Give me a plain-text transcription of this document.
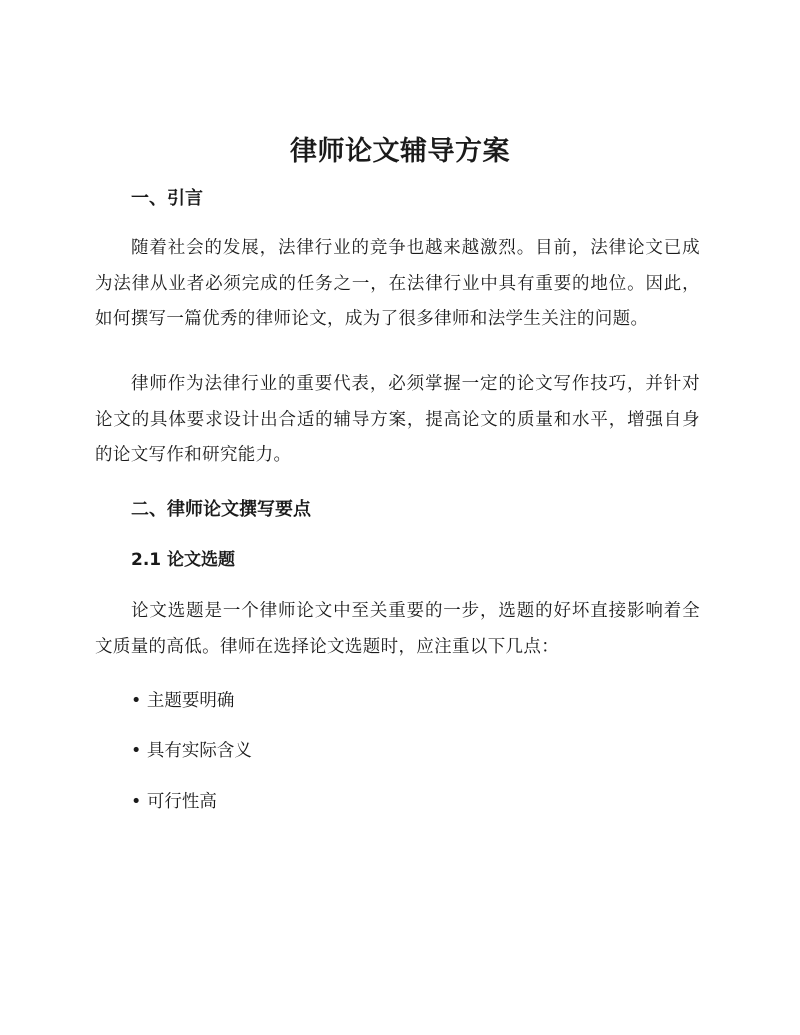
律师论文辅导方案
一、引言
随着社会的发展，法律行业的竞争也越来越激烈。目前，法律论文已成为法律从业者必须完成的任务之一，在法律行业中具有重要的地位。因此，如何撰写一篇优秀的律师论文，成为了很多律师和法学生关注的问题。
律师作为法律行业的重要代表，必须掌握一定的论文写作技巧，并针对论文的具体要求设计出合适的辅导方案，提高论文的质量和水平，增强自身的论文写作和研究能力。
二、律师论文撰写要点
2.1 论文选题
论文选题是一个律师论文中至关重要的一步，选题的好坏直接影响着全文质量的高低。律师在选择论文选题时，应注重以下几点：
• 主题要明确
• 具有实际含义
• 可行性高
